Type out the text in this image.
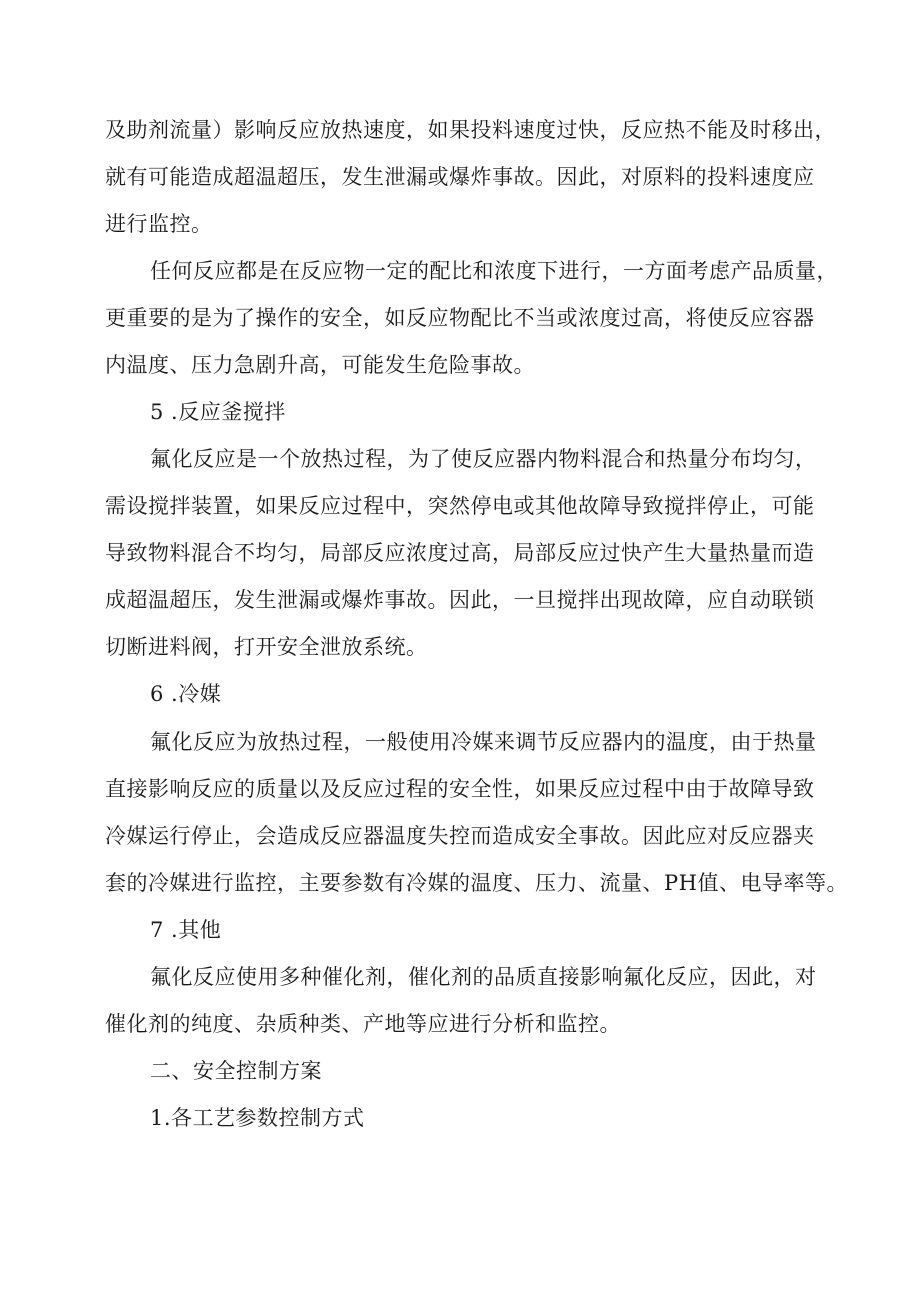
及助剂流量）影响反应放热速度，如果投料速度过快，反应热不能及时移出，
就有可能造成超温超压，发生泄漏或爆炸事故。因此，对原料的投料速度应
进行监控。
任何反应都是在反应物一定的配比和浓度下进行，一方面考虑产品质量，
更重要的是为了操作的安全，如反应物配比不当或浓度过高，将使反应容器
内温度、压力急剧升高，可能发生危险事故。
5 .反应釜搅拌
氟化反应是一个放热过程，为了使反应器内物料混合和热量分布均匀，
需设搅拌装置，如果反应过程中，突然停电或其他故障导致搅拌停止，可能
导致物料混合不均匀，局部反应浓度过高，局部反应过快产生大量热量而造
成超温超压，发生泄漏或爆炸事故。因此，一旦搅拌出现故障，应自动联锁
切断进料阀，打开安全泄放系统。
6 .冷媒
氟化反应为放热过程，一般使用冷媒来调节反应器内的温度，由于热量
直接影响反应的质量以及反应过程的安全性，如果反应过程中由于故障导致
冷媒运行停止，会造成反应器温度失控而造成安全事故。因此应对反应器夹
套的冷媒进行监控，主要参数有冷媒的温度、压力、流量、PH值、电导率等。
7 .其他
氟化反应使用多种催化剂，催化剂的品质直接影响氟化反应，因此，对
催化剂的纯度、杂质种类、产地等应进行分析和监控。
二、安全控制方案
1.各工艺参数控制方式
